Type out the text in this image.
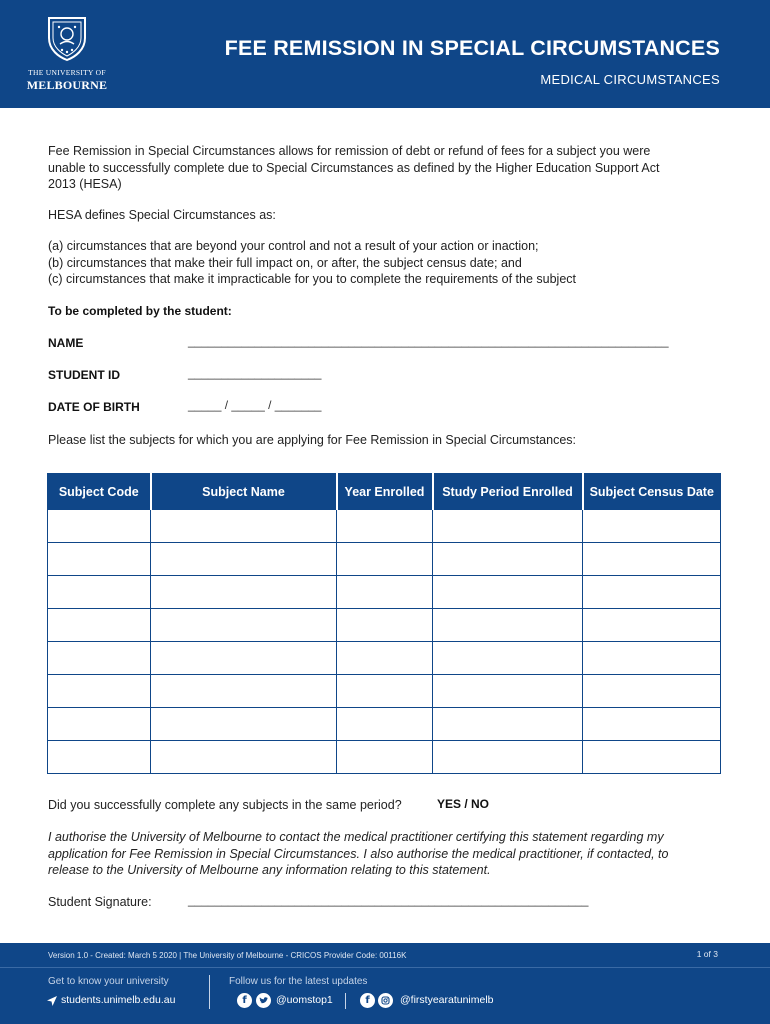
THE UNIVERSITY OF
MELBOURNE
FEE REMISSION IN SPECIAL CIRCUMSTANCES
MEDICAL CIRCUMSTANCES
Fee Remission in Special Circumstances allows for remission of debt or refund of fees for a subject you were unable to successfully complete due to Special Circumstances as defined by the Higher Education Support Act 2013 (HESA)
HESA defines Special Circumstances as:
(a) circumstances that are beyond your control and not a result of your action or inaction;
(b) circumstances that make their full impact on, or after, the subject census date; and
(c) circumstances that make it impracticable for you to complete the requirements of the subject
To be completed by the student:
NAME	________________________________________________________________________
STUDENT ID	____________________
DATE OF BIRTH	_____ / _____ / _______
Please list the subjects for which you are applying for Fee Remission in Special Circumstances:
Subject Code	Subject Name	Year Enrolled	Study Period Enrolled	Subject Census Date

Did you successfully complete any subjects in the same period?	YES / NO
I authorise the University of Melbourne to contact the medical practitioner certifying this statement regarding my application for Fee Remission in Special Circumstances. I also authorise the medical practitioner, if contacted, to release to the University of Melbourne any information relating to this statement.
Student Signature:	____________________________________________________________
Version 1.0 - Created: March 5 2020 | The University of Melbourne - CRICOS Provider Code: 00116K	1 of 3
Get to know your university
students.unimelb.edu.au
Follow us for the latest updates
f	@uomstop1	f	@firstyearatunimelb
